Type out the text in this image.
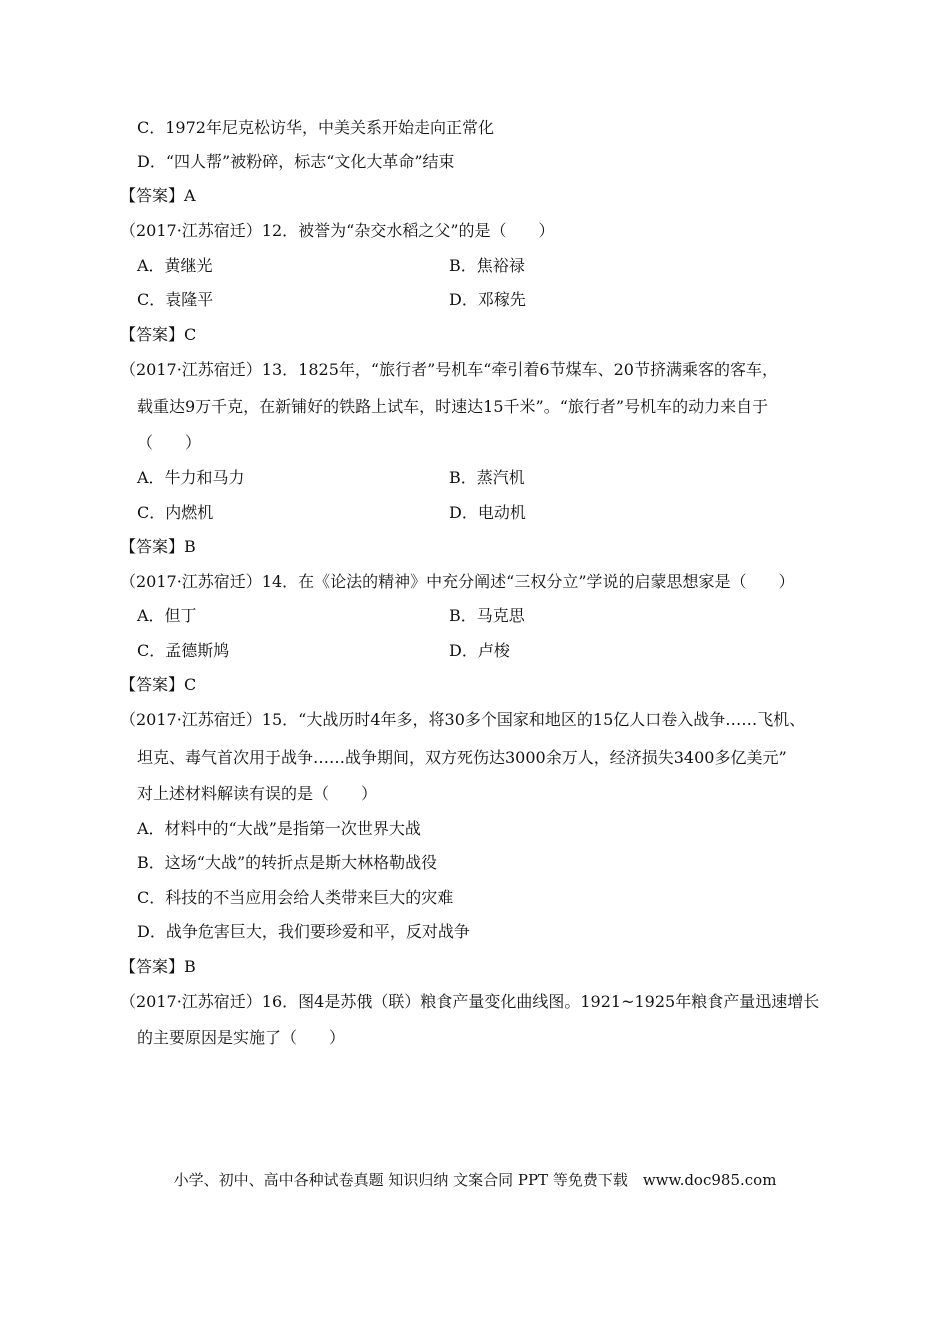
C．1972年尼克松访华，中美关系开始走向正常化
D．“四人帮”被粉碎，标志“文化大革命”结束
【答案】A
（2017·江苏宿迁）12．被誉为“杂交水稻之父”的是（　　）
A．黄继光	B．焦裕禄
C．袁隆平	D．邓稼先
【答案】C
（2017·江苏宿迁）13．1825年，“旅行者”号机车“牵引着6节煤车、20节挤满乘客的客车，
载重达9万千克，在新铺好的铁路上试车，时速达15千米”。“旅行者”号机车的动力来自于
（　　）
A．牛力和马力	B．蒸汽机
C．内燃机	D．电动机
【答案】B
（2017·江苏宿迁）14．在《论法的精神》中充分阐述“三权分立”学说的启蒙思想家是（　　）
A．但丁	B．马克思
C．孟德斯鸠	D．卢梭
【答案】C
（2017·江苏宿迁）15．“大战历时4年多，将30多个国家和地区的15亿人口卷入战争……飞机、
坦克、毒气首次用于战争……战争期间，双方死伤达3000余万人，经济损失3400多亿美元”
对上述材料解读有误的是（　　）
A．材料中的“大战”是指第一次世界大战
B．这场“大战”的转折点是斯大林格勒战役
C．科技的不当应用会给人类带来巨大的灾难
D．战争危害巨大，我们要珍爱和平，反对战争
【答案】B
（2017·江苏宿迁）16．图4是苏俄（联）粮食产量变化曲线图。1921~1925年粮食产量迅速增长
的主要原因是实施了（　　）
小学、初中、高中各种试卷真题 知识归纳 文案合同 PPT 等免费下载　www.doc985.com
